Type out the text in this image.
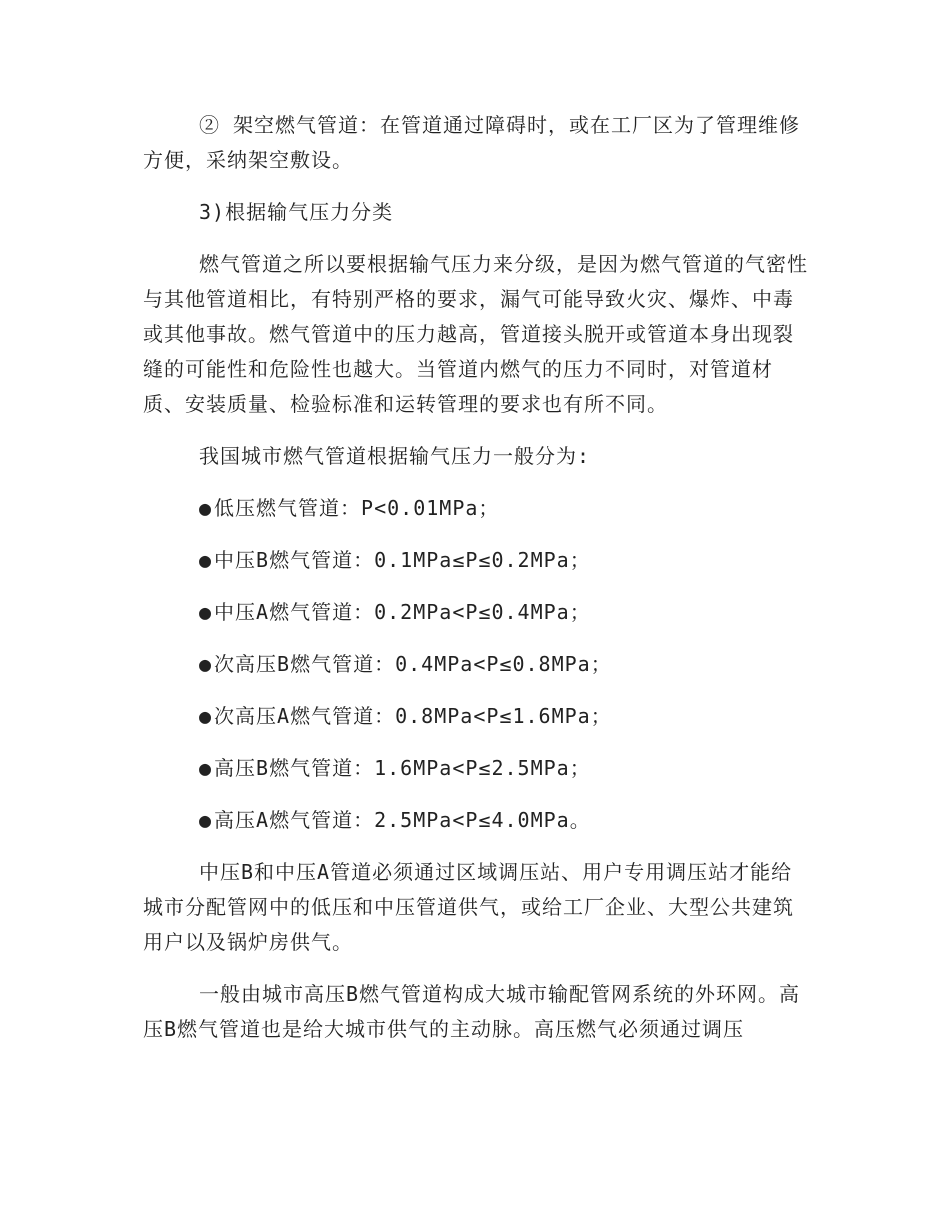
② 架空燃气管道：在管道通过障碍时，或在工厂区为了管理维修方便，采纳架空敷设。

3)根据输气压力分类

燃气管道之所以要根据输气压力来分级，是因为燃气管道的气密性与其他管道相比，有特别严格的要求，漏气可能导致火灾、爆炸、中毒或其他事故。燃气管道中的压力越高，管道接头脱开或管道本身出现裂缝的可能性和危险性也越大。当管道内燃气的压力不同时，对管道材质、安装质量、检验标准和运转管理的要求也有所不同。

我国城市燃气管道根据输气压力一般分为:

● 低压燃气管道：P<0.01MPa；

● 中压B燃气管道：0.1MPa≤P≤0.2MPa；

● 中压A燃气管道：0.2MPa<P≤0.4MPa；

● 次高压B燃气管道：0.4MPa<P≤0.8MPa；

● 次高压A燃气管道：0.8MPa<P≤1.6MPa；

● 高压B燃气管道：1.6MPa<P≤2.5MPa；

● 高压A燃气管道：2.5MPa<P≤4.0MPa。

中压B和中压A管道必须通过区域调压站、用户专用调压站才能给城市分配管网中的低压和中压管道供气，或给工厂企业、大型公共建筑用户以及锅炉房供气。

一般由城市高压B燃气管道构成大城市输配管网系统的外环网。高压B燃气管道也是给大城市供气的主动脉。高压燃气必须通过调压
